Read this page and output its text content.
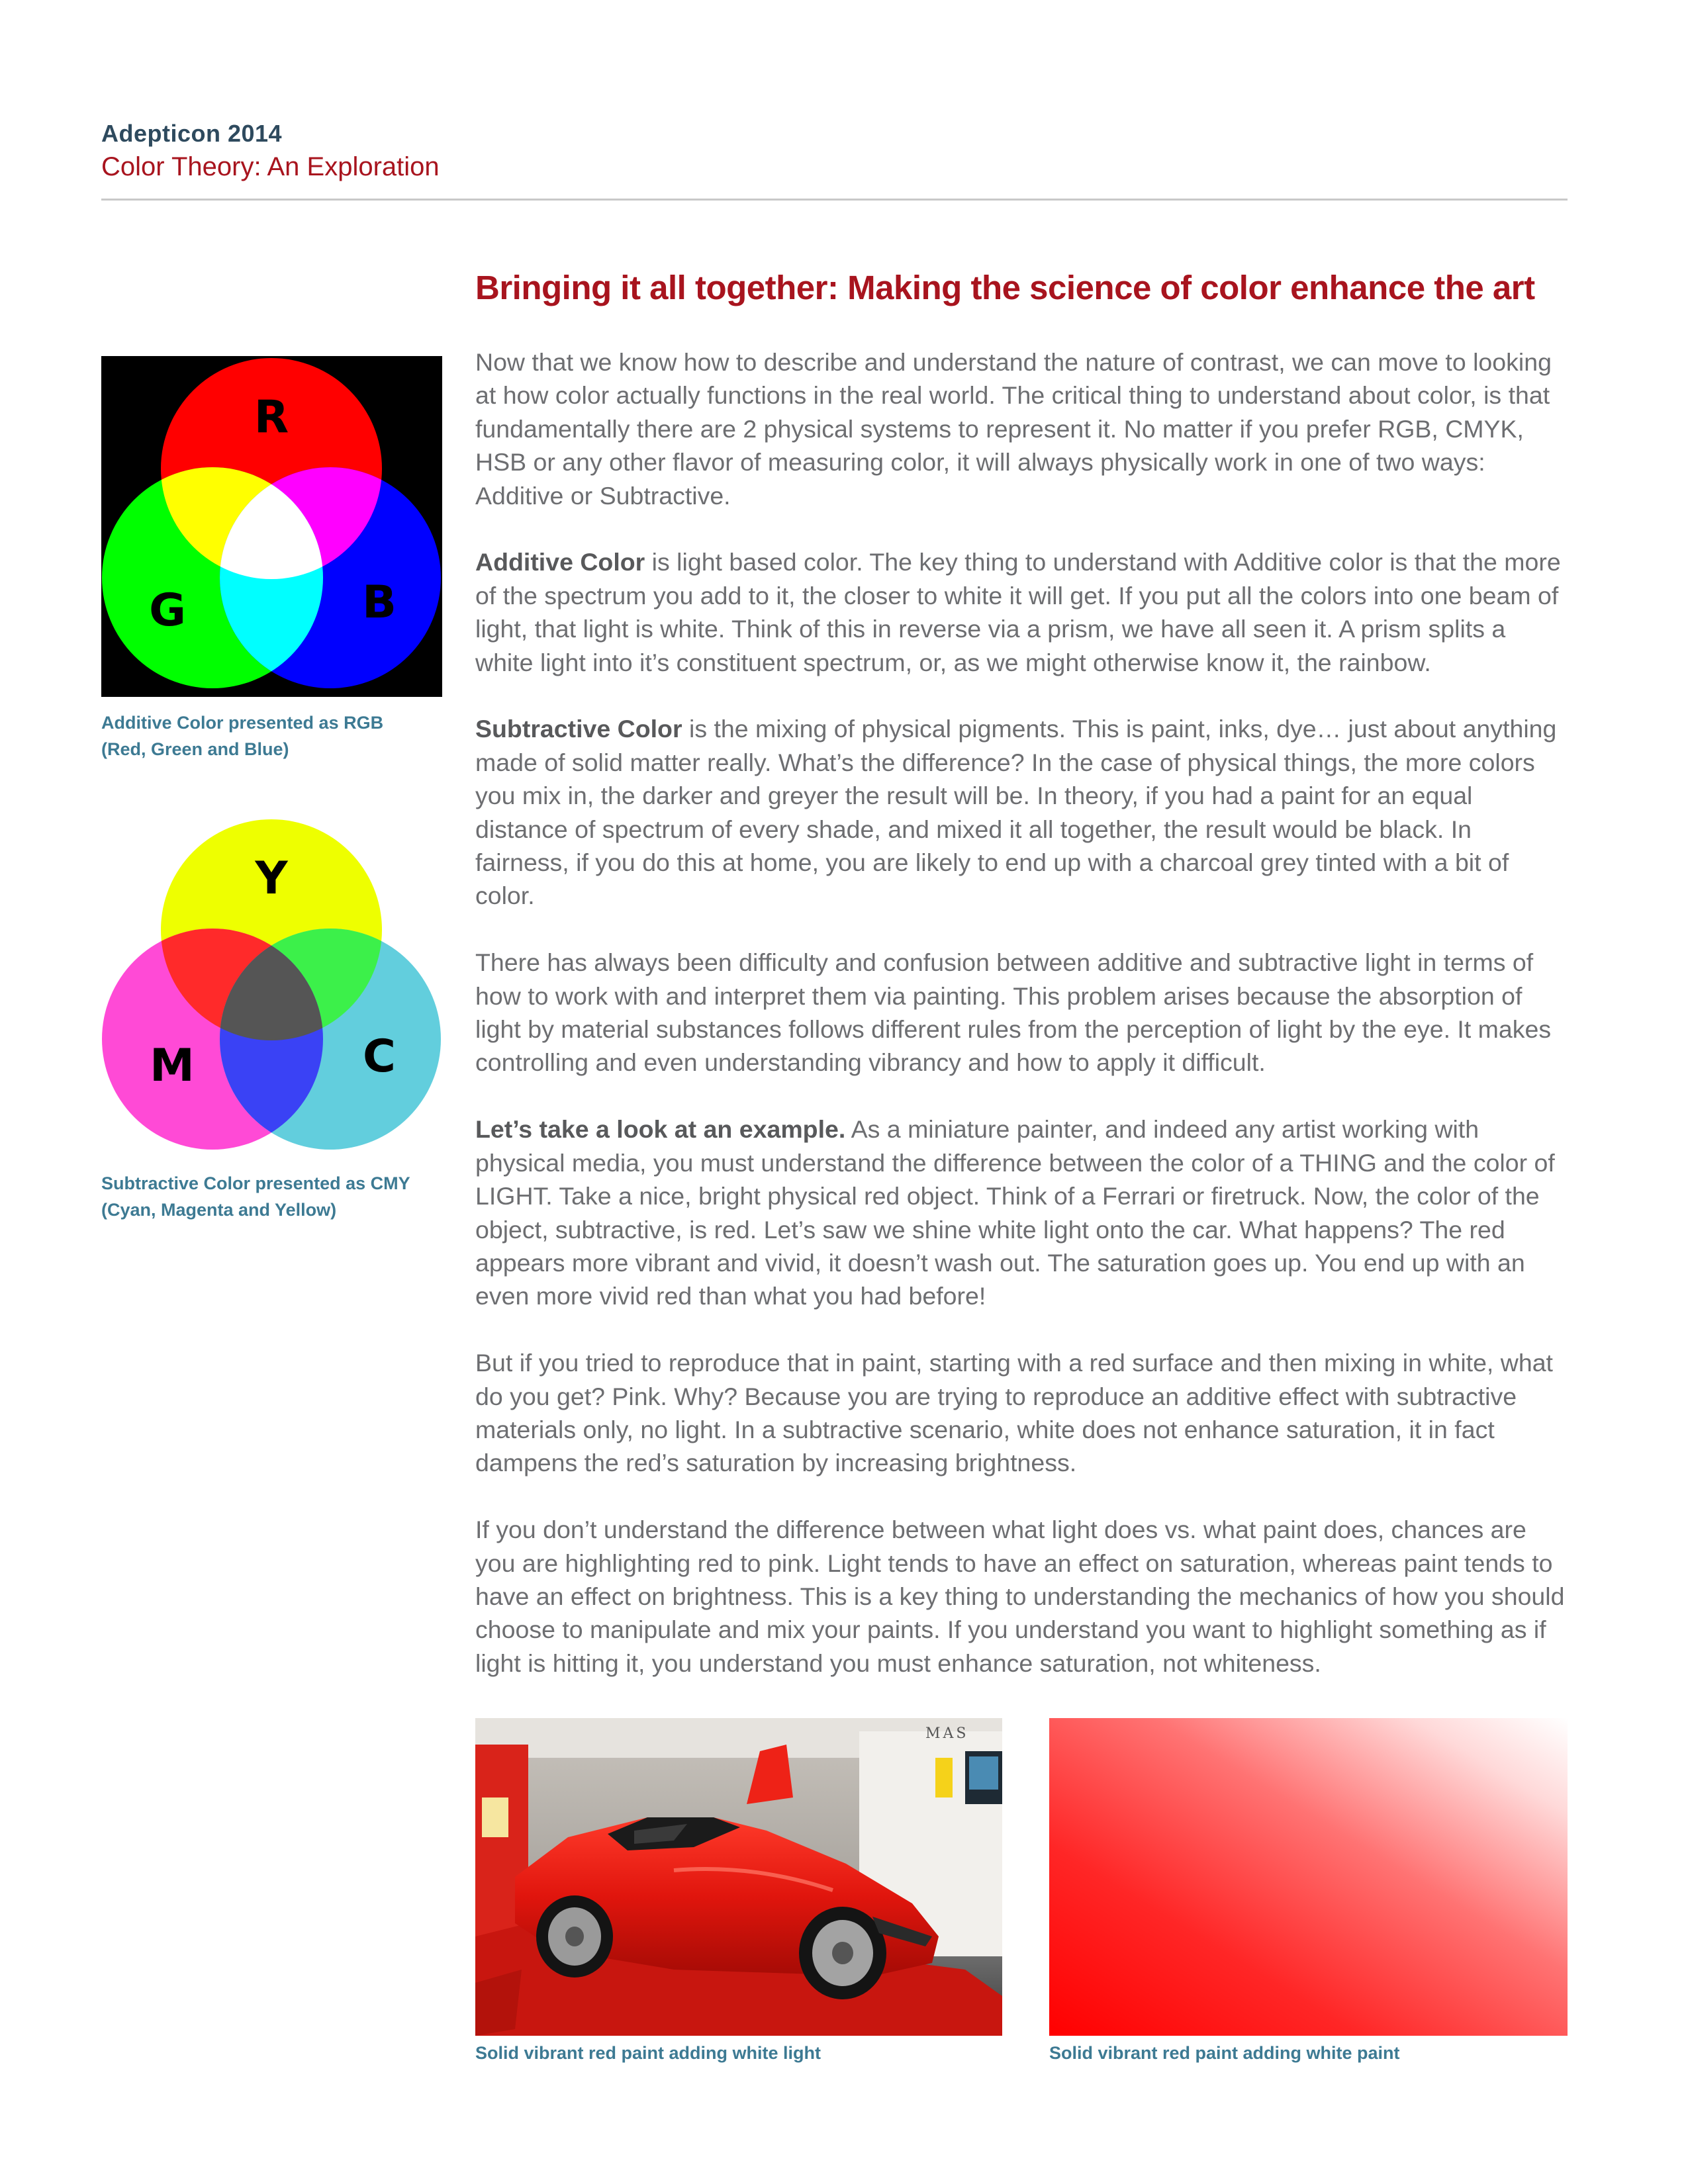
Adepticon 2014
Color Theory: An Exploration
Bringing it all together: Making the science of color enhance the art

Now that we know how to describe and understand the nature of contrast, we can move to looking at how color actually functions in the real world. The critical thing to understand about color, is that fundamentally there are 2 physical systems to represent it. No matter if you prefer RGB, CMYK, HSB or any other flavor of measuring color, it will always physically work in one of two ways: Additive or Subtractive.

Additive Color is light based color. The key thing to understand with Additive color is that the more of the spectrum you add to it, the closer to white it will get. If you put all the colors into one beam of light, that light is white. Think of this in reverse via a prism, we have all seen it. A prism splits a white light into it’s constituent spectrum, or, as we might otherwise know it, the rainbow.

Subtractive Color is the mixing of physical pigments. This is paint, inks, dye… just about anything made of solid matter really. What’s the difference? In the case of physical things, the more colors you mix in, the darker and greyer the result will be. In theory, if you had a paint for an equal distance of spectrum of every shade, and mixed it all together, the result would be black. In fairness, if you do this at home, you are likely to end up with a charcoal grey tinted with a bit of color.

There has always been difficulty and confusion between additive and subtractive light in terms of how to work with and interpret them via painting. This problem arises because the absorption of light by material substances follows different rules from the perception of light by the eye. It makes controlling and even understanding vibrancy and how to apply it difficult.

Let’s take a look at an example. As a miniature painter, and indeed any artist working with physical media, you must understand the difference between the color of a THING and the color of LIGHT. Take a nice, bright physical red object. Think of a Ferrari or firetruck. Now, the color of the object, subtractive, is red. Let’s saw we shine white light onto the car. What happens? The red appears more vibrant and vivid, it doesn’t wash out. The saturation goes up. You end up with an even more vivid red than what you had before!

But if you tried to reproduce that in paint, starting with a red surface and then mixing in white, what do you get? Pink. Why? Because you are trying to reproduce an additive effect with subtractive materials only, no light. In a subtractive scenario, white does not enhance saturation, it in fact dampens the red’s saturation by increasing brightness.

If you don’t understand the difference between what light does vs. what paint does, chances are you are highlighting red to pink. Light tends to have an effect on saturation, whereas paint tends to have an effect on brightness. This is a key thing to understanding the mechanics of how you should choose to manipulate and mix your paints. If you understand you want to highlight something as if light is hitting it, you understand you must enhance saturation, not whiteness.

R
G	B
Additive Color presented as RGB
(Red, Green and Blue)
Y
M	C
Subtractive Color presented as CMY
(Cyan, Magenta and Yellow)
MAS
Solid vibrant red paint adding white light	Solid vibrant red paint adding white paint
